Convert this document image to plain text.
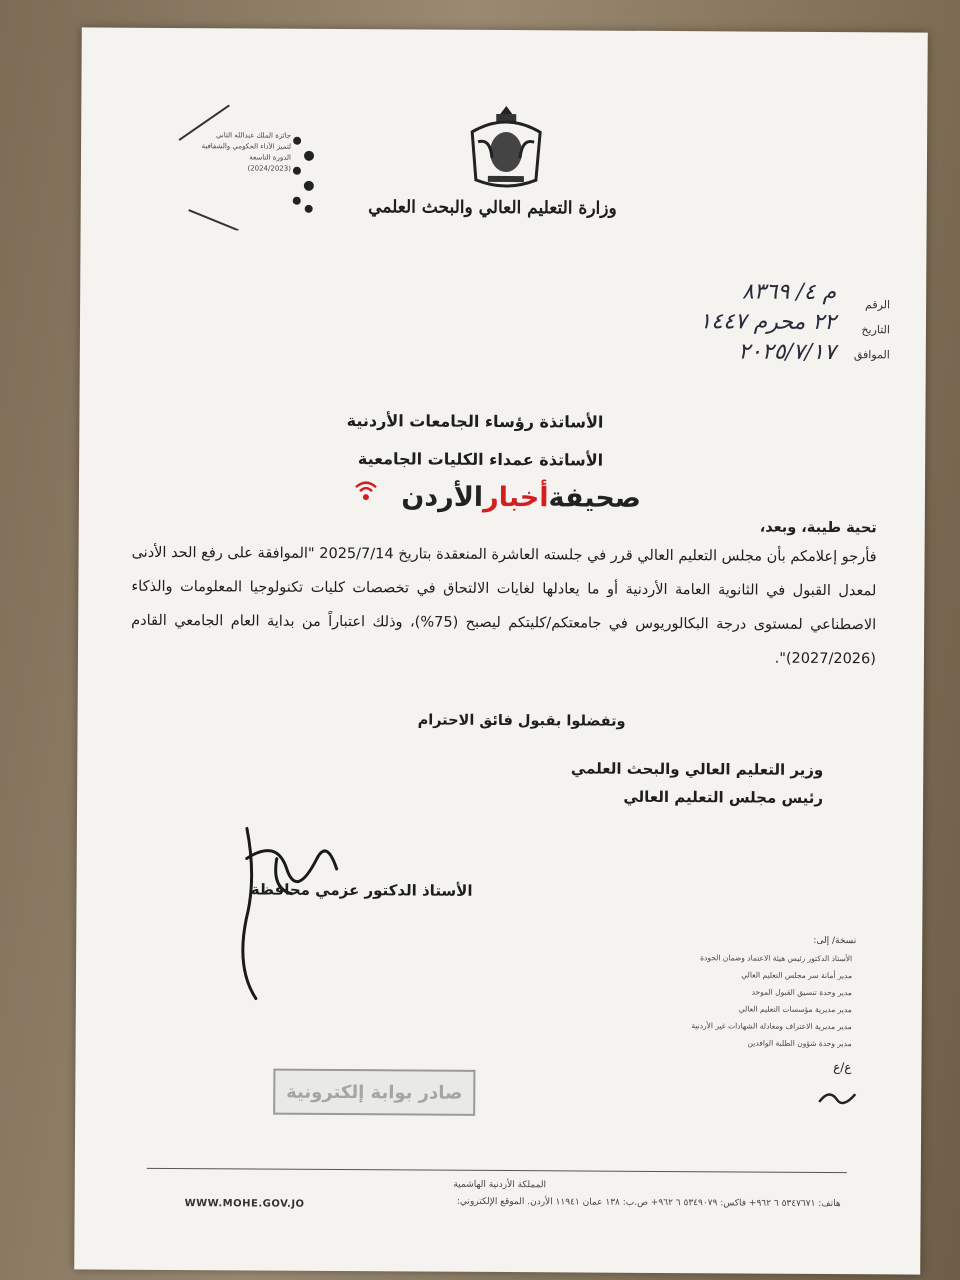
جائزة الملك عبدالله الثاني
لتميز الأداء الحكومي والشفافية
الدورة التاسعة
(2024/2023)
وزارة التعليم العالي والبحث العلمي
الرقم
التاريخ
الموافق
م ٤/ ٨٣٦٩
٢٢ محرم ١٤٤٧
٢٠٢٥/٧/١٧
الأساتذة رؤساء الجامعات الأردنية
الأساتذة عمداء الكليات الجامعية
صحيفةأخبارالأردن
تحية طيبة، وبعد،
فأرجو إعلامكم بأن مجلس التعليم العالي قرر في جلسته العاشرة المنعقدة بتاريخ 2025/7/14 "الموافقة على رفع الحد الأدنى لمعدل القبول في الثانوية العامة الأردنية أو ما يعادلها لغايات الالتحاق في تخصصات كليات تكنولوجيا المعلومات والذكاء الاصطناعي لمستوى درجة البكالوريوس في جامعتكم/كليتكم ليصبح (75%)، وذلك اعتباراً من بداية العام الجامعي القادم (2027/2026)".
وتفضلوا بقبول فائق الاحترام
وزير التعليم العالي والبحث العلمي
رئيس مجلس التعليم العالي
الأستاذ الدكتور عزمي محافظة
نسخة/ إلى:
الأستاذ الدكتور رئيس هيئة الاعتماد وضمان الجودة
مدير أمانة سر مجلس التعليم العالي
مدير وحدة تنسيق القبول الموحد
مدير مديرية مؤسسات التعليم العالي
مدير مديرية الاعتراف ومعادلة الشهادات غير الأردنية
مدير وحدة شؤون الطلبة الوافدين
ع/ع
صادر بوابة إلكترونية
المملكة الأردنية الهاشمية
WWW.MOHE.GOV.JO	هاتف: ٥٣٤٧٦٧١ ٦ ٩٦٢+ فاكس: ٥٣٤٩٠٧٩ ٦ ٩٦٢+ ص.ب: ١٣٨ عمان ١١٩٤١ الأردن. الموقع الإلكتروني:
